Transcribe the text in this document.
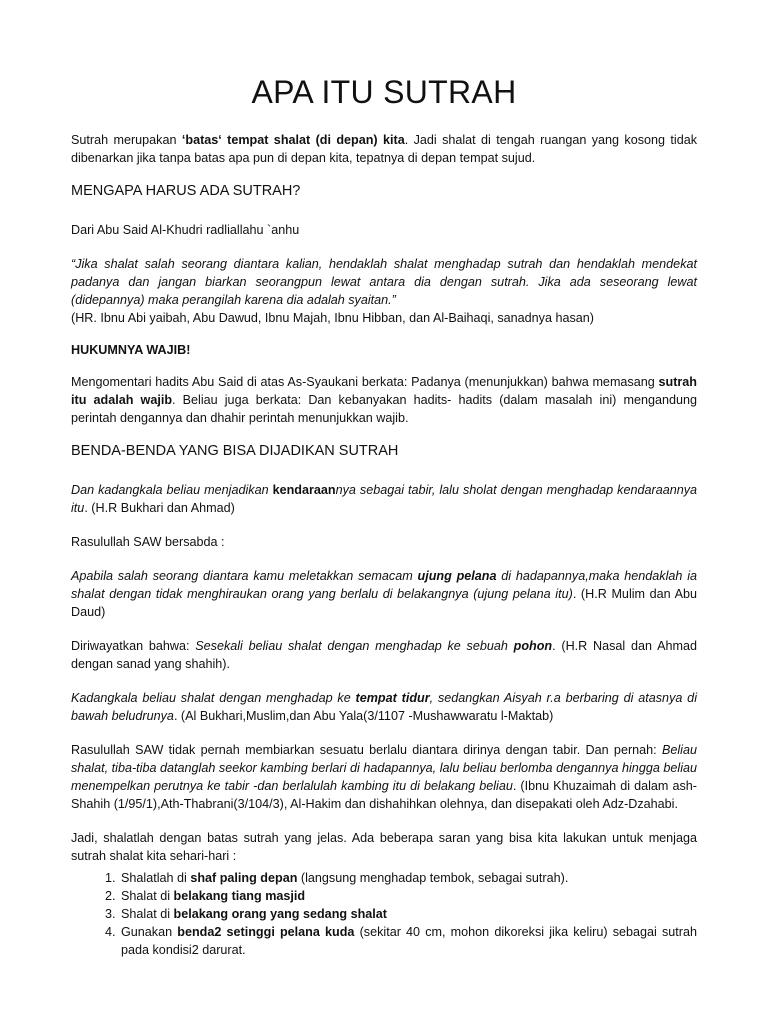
APA ITU SUTRAH

Sutrah merupakan ‘batas‘ tempat shalat (di depan) kita. Jadi shalat di tengah ruangan yang kosong tidak dibenarkan jika tanpa batas apa pun di depan kita, tepatnya di depan tempat sujud.

MENGAPA HARUS ADA SUTRAH?

Dari Abu Said Al-Khudri radliallahu `anhu

“Jika shalat salah seorang diantara kalian, hendaklah shalat menghadap sutrah dan hendaklah mendekat padanya dan jangan biarkan seorangpun lewat antara dia dengan sutrah. Jika ada seseorang lewat (didepannya) maka perangilah karena dia adalah syaitan.”
(HR. Ibnu Abi yaibah, Abu Dawud, Ibnu Majah, Ibnu Hibban, dan Al-Baihaqi, sanadnya hasan)

HUKUMNYA WAJIB!

Mengomentari hadits Abu Said di atas As-Syaukani berkata: Padanya (menunjukkan) bahwa memasang sutrah itu adalah wajib. Beliau juga berkata: Dan kebanyakan hadits- hadits (dalam masalah ini) mengandung perintah dengannya dan dhahir perintah menunjukkan wajib.

BENDA-BENDA YANG BISA DIJADIKAN SUTRAH

Dan kadangkala beliau menjadikan kendaraannya sebagai tabir, lalu sholat dengan menghadap kendaraannya itu. (H.R Bukhari dan Ahmad)

Rasulullah SAW bersabda :

Apabila salah seorang diantara kamu meletakkan semacam ujung pelana di hadapannya,maka hendaklah ia shalat dengan tidak menghiraukan orang yang berlalu di belakangnya (ujung pelana itu). (H.R Mulim dan Abu Daud)

Diriwayatkan bahwa: Sesekali beliau shalat dengan menghadap ke sebuah pohon. (H.R Nasal dan Ahmad dengan sanad yang shahih).

Kadangkala beliau shalat dengan menghadap ke tempat tidur, sedangkan Aisyah r.a berbaring di atasnya di bawah beludrunya. (Al Bukhari,Muslim,dan Abu Yala(3/1107 -Mushawwaratu l-Maktab)

Rasulullah SAW tidak pernah membiarkan sesuatu berlalu diantara dirinya dengan tabir. Dan pernah: Beliau shalat, tiba-tiba datanglah seekor kambing berlari di hadapannya, lalu beliau berlomba dengannya hingga beliau menempelkan perutnya ke tabir -dan berlalulah kambing itu di belakang beliau. (Ibnu Khuzaimah di dalam ash-Shahih (1/95/1),Ath-Thabrani(3/104/3), Al-Hakim dan dishahihkan olehnya, dan disepakati oleh Adz-Dzahabi.

Jadi, shalatlah dengan batas sutrah yang jelas. Ada beberapa saran yang bisa kita lakukan untuk menjaga sutrah shalat kita sehari-hari :

1. Shalatlah di shaf paling depan (langsung menghadap tembok, sebagai sutrah).
2. Shalat di belakang tiang masjid
3. Shalat di belakang orang yang sedang shalat
4. Gunakan benda2 setinggi pelana kuda (sekitar 40 cm, mohon dikoreksi jika keliru) sebagai sutrah pada kondisi2 darurat.
